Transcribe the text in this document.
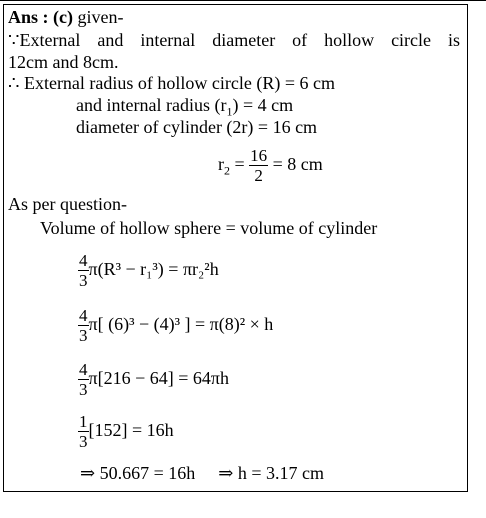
Ans : (c) given-
∵External and internal diameter of hollow circle is
12cm and 8cm.
∴ External radius of hollow circle (R) = 6 cm
and internal radius $(r_1) = 4$ cm
diameter of cylinder (2r) = 16 cm
$r_2 = \frac{16}{2} = 8$ cm
As per question-
Volume of hollow sphere = volume of cylinder
$\frac{4}{3} \pi(R^3 - r_1^3) = \pi r_2^2h$
$\frac{4}{3} \pi$[ (6)³ − (4)³ ] = π(8)² × h
$\frac{4}{3} \pi[216 - 64] = 64\pi h$
$\frac{1}{3} [152] = 16h$
⇒ 50.667 = 16h ⇒ h = 3.17 cm
